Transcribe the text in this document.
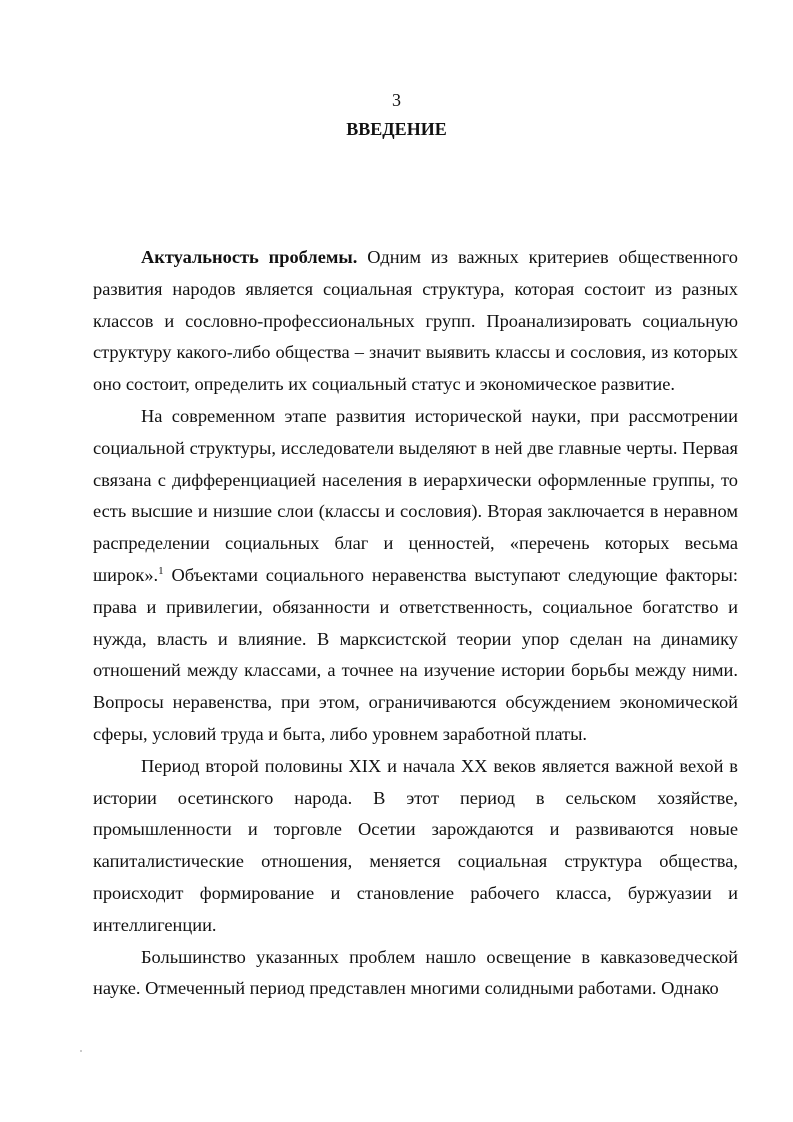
3
ВВЕДЕНИЕ

Актуальность проблемы. Одним из важных критериев общественного развития народов является социальная структура, которая состоит из разных классов и сословно-профессиональных групп. Проанализировать социальную структуру какого-либо общества – значит выявить классы и сословия, из которых оно состоит, определить их социальный статус и экономическое развитие.

На современном этапе развития исторической науки, при рассмотрении социальной структуры, исследователи выделяют в ней две главные черты. Первая связана с дифференциацией населения в иерархически оформленные группы, то есть высшие и низшие слои (классы и сословия). Вторая заключается в неравном распределении социальных благ и ценностей, «перечень которых весьма широк».$^1$ Объектами социального неравенства выступают следующие факторы: права и привилегии, обязанности и ответственность, социальное богатство и нужда, власть и влияние. В марксистской теории упор сделан на динамику отношений между классами, а точнее на изучение истории борьбы между ними. Вопросы неравенства, при этом, ограничиваются обсуждением экономической сферы, условий труда и быта, либо уровнем заработной платы.

Период второй половины XIX и начала XX веков является важной вехой в истории осетинского народа. В этот период в сельском хозяйстве, промышленности и торговле Осетии зарождаются и развиваются новые капиталистические отношения, меняется социальная структура общества, происходит формирование и становление рабочего класса, буржуазии и интеллигенции.

Большинство указанных проблем нашло освещение в кавказоведческой науке. Отмеченный период представлен многими солидными работами. Однако
